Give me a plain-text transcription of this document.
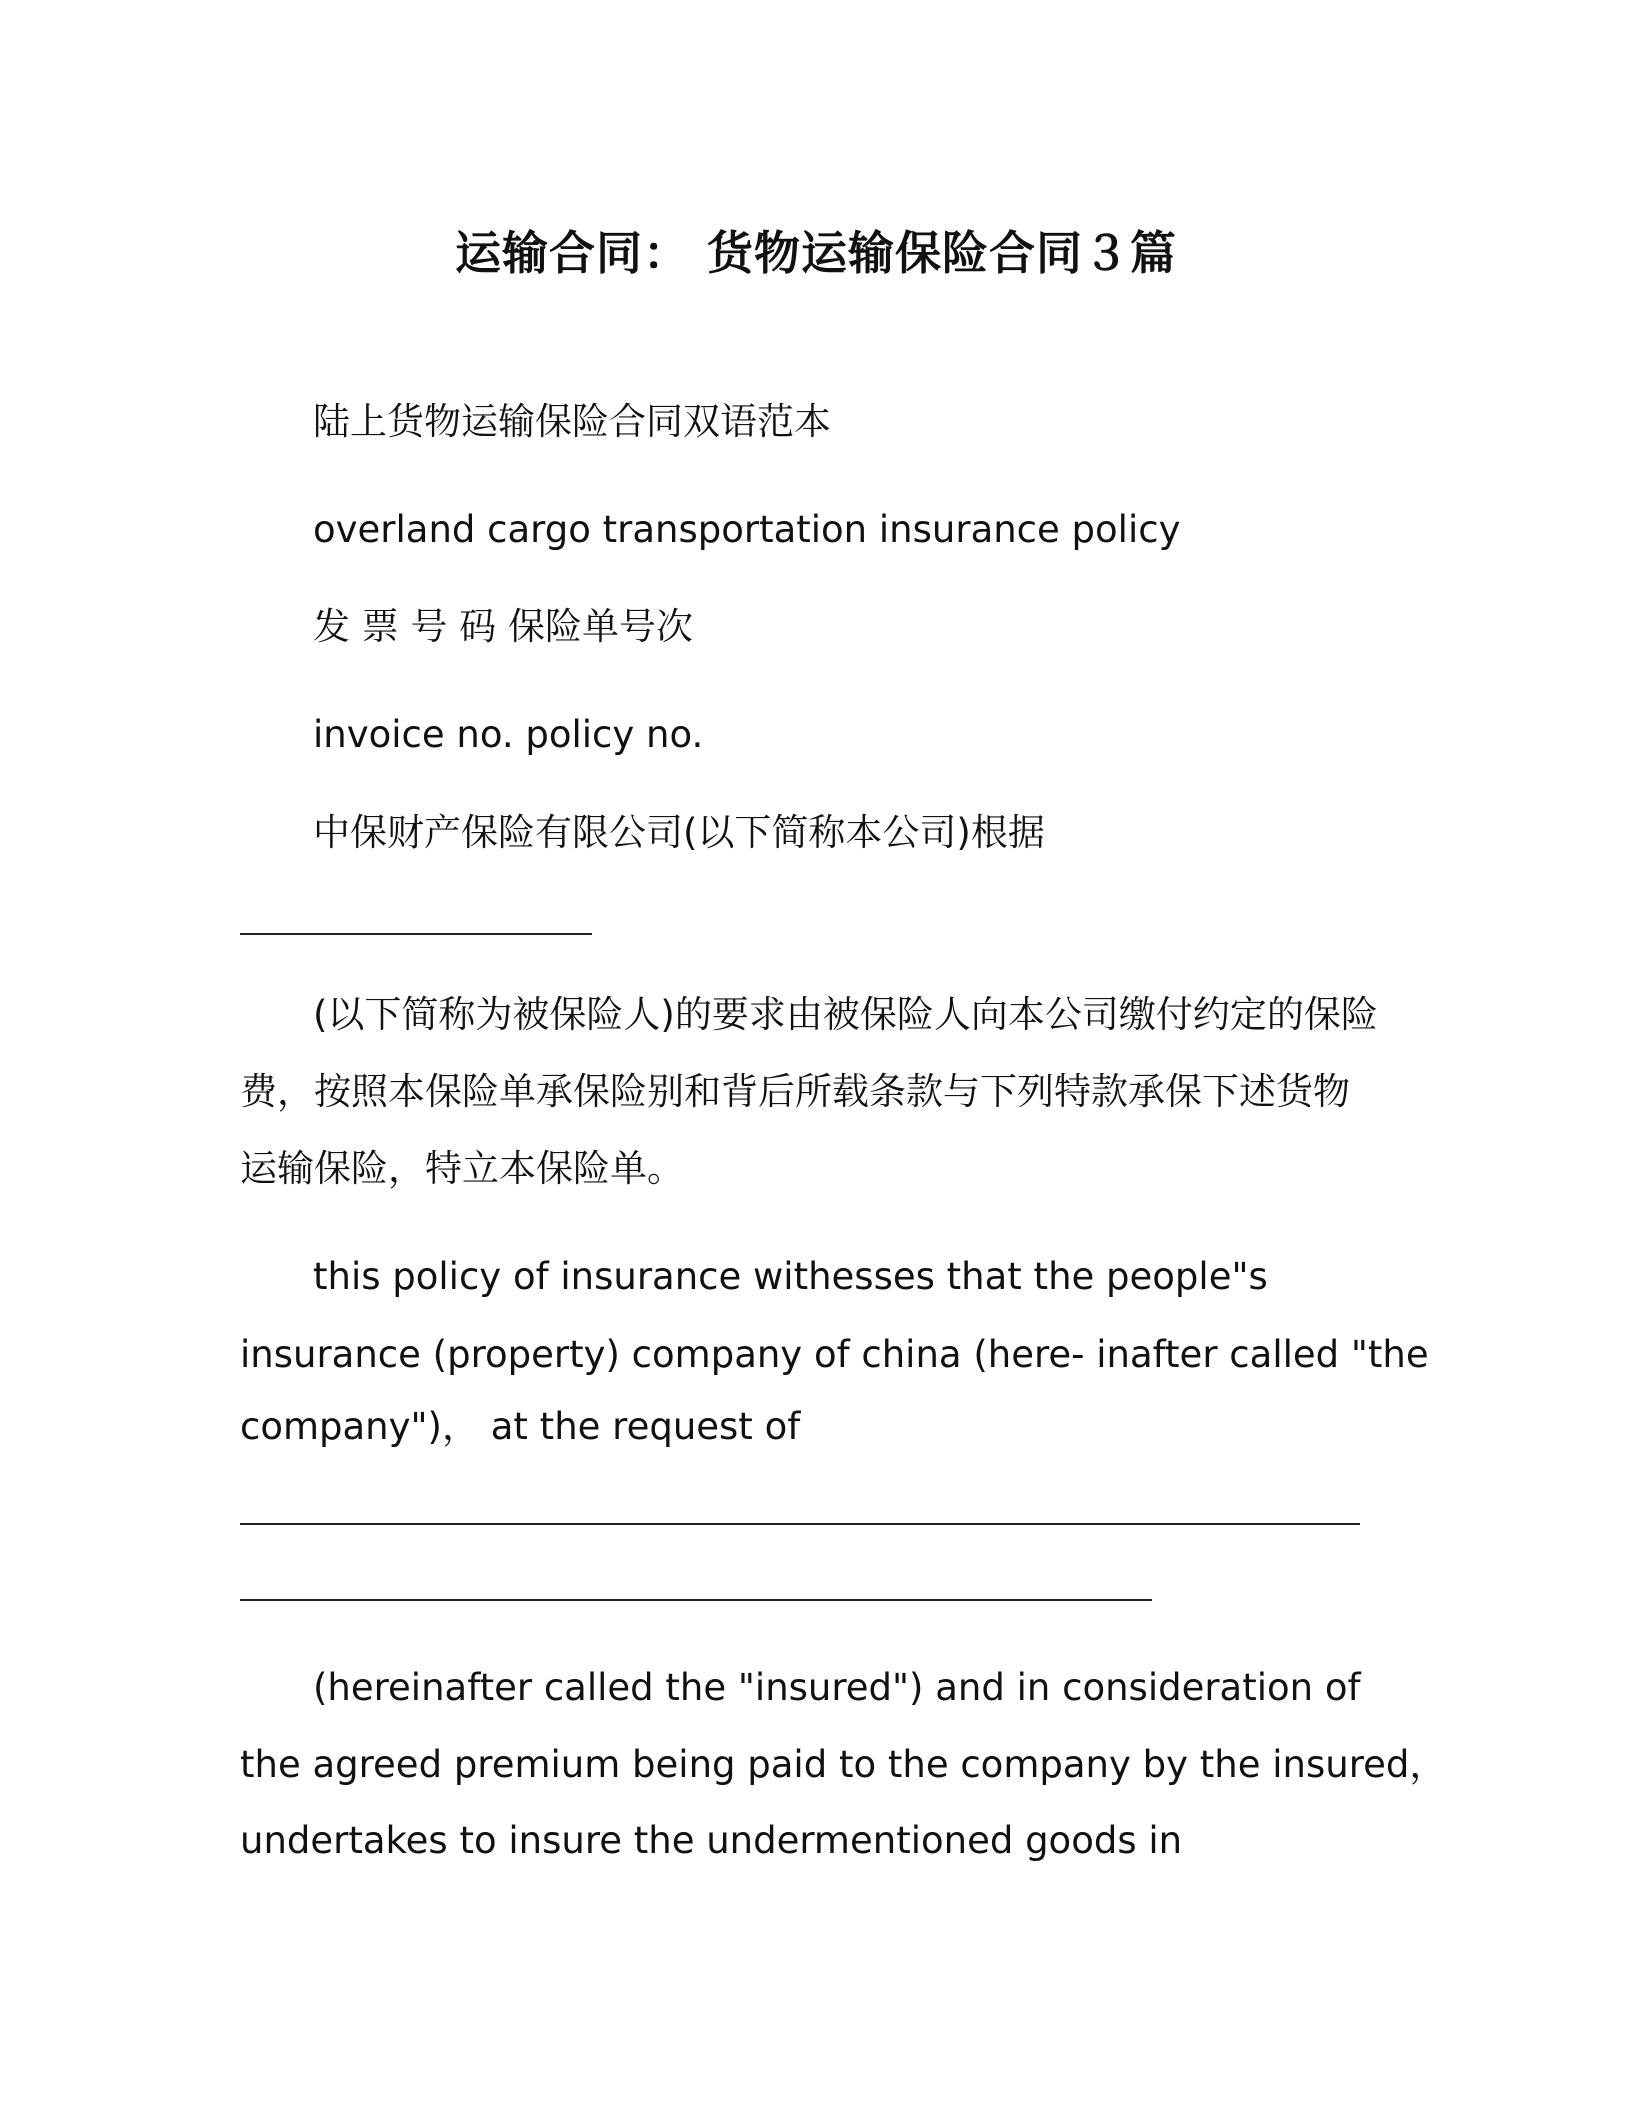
运输合同： 货物运输保险合同３篇
陆上货物运输保险合同双语范本
overland cargo transportation insurance policy
发 票 号 码 保险单号次
invoice no. policy no.
中保财产保险有限公司(以下简称本公司)根据
(以下简称为被保险人)的要求由被保险人向本公司缴付约定的保险
费，按照本保险单承保险别和背后所载条款与下列特款承保下述货物
运输保险，特立本保险单。
this policy of insurance withesses that the people"s
insurance (property) company of china (here- inafter called "the
company")， at the request of
(hereinafter called the "insured") and in consideration of
the agreed premium being paid to the company by the insured，
undertakes to insure the undermentioned goods in
